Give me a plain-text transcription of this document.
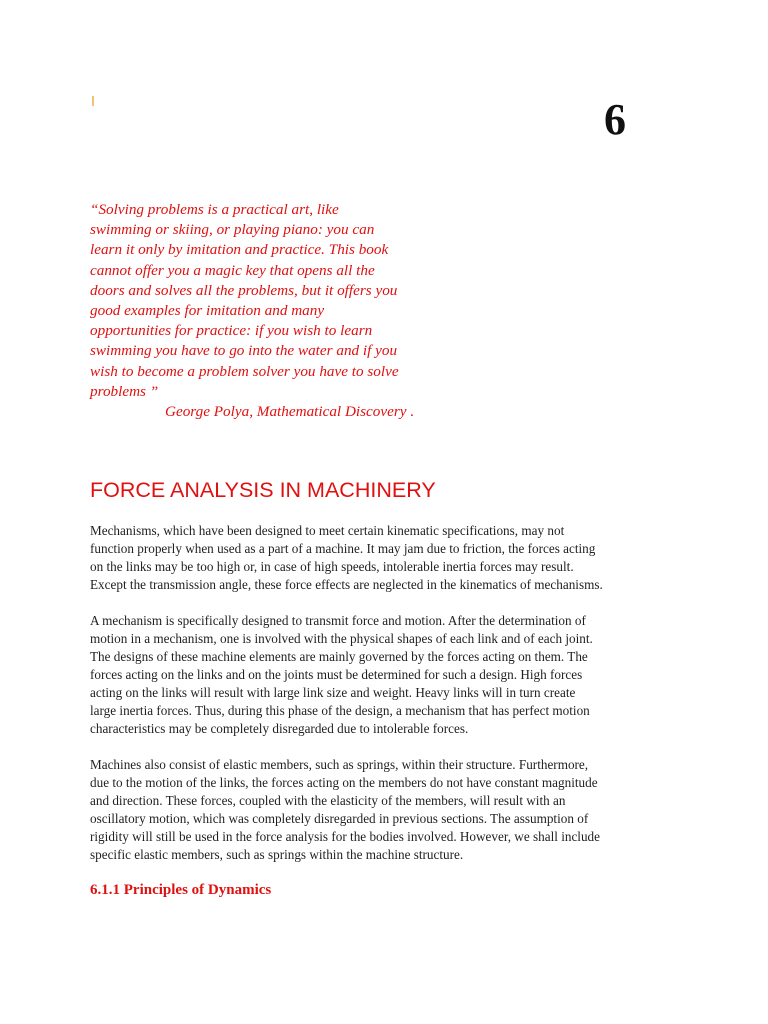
6
“Solving problems is a practical art, like
swimming or skiing, or playing piano: you can
learn it only by imitation and practice. This book
cannot offer you a magic key that opens all the
doors and solves all the problems, but it offers you
good examples for imitation and many
opportunities for practice: if you wish to learn
swimming you have to go into the water and if you
wish to become a problem solver you have to solve
problems ”
George Polya, Mathematical Discovery .
FORCE ANALYSIS IN MACHINERY

Mechanisms, which have been designed to meet certain kinematic specifications, may not
function properly when used as a part of a machine. It may jam due to friction, the forces acting
on the links may be too high or, in case of high speeds, intolerable inertia forces may result.
Except the transmission angle, these force effects are neglected in the kinematics of mechanisms.

A mechanism is specifically designed to transmit force and motion. After the determination of
motion in a mechanism, one is involved with the physical shapes of each link and of each joint.
The designs of these machine elements are mainly governed by the forces acting on them. The
forces acting on the links and on the joints must be determined for such a design. High forces
acting on the links will result with large link size and weight. Heavy links will in turn create
large inertia forces. Thus, during this phase of the design, a mechanism that has perfect motion
characteristics may be completely disregarded due to intolerable forces.

Machines also consist of elastic members, such as springs, within their structure. Furthermore,
due to the motion of the links, the forces acting on the members do not have constant magnitude
and direction. These forces, coupled with the elasticity of the members, will result with an
oscillatory motion, which was completely disregarded in previous sections. The assumption of
rigidity will still be used in the force analysis for the bodies involved. However, we shall include
specific elastic members, such as springs within the machine structure.

6.1.1 Principles of Dynamics
